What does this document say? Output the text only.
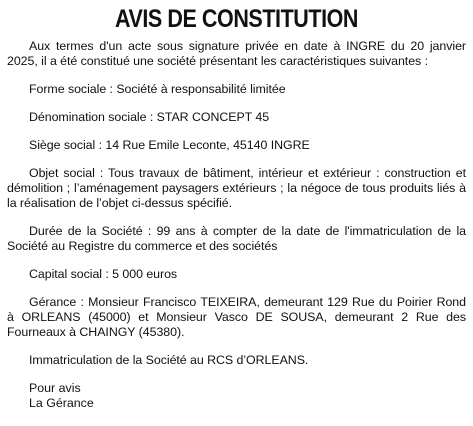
AVIS DE CONSTITUTION

Aux termes d'un acte sous signature privée en date à INGRE du 20 janvier 2025, il a été constitué une société présentant les caractéristiques suivantes :

Forme sociale : Société à responsabilité limitée

Dénomination sociale : STAR CONCEPT 45

Siège social : 14 Rue Emile Leconte, 45140 INGRE

Objet social : Tous travaux de bâtiment, intérieur et extérieur : construction et démolition ; l’aménagement paysagers extérieurs ; la négoce de tous produits liés à la réalisation de l’objet ci-dessus spécifié.

Durée de la Société : 99 ans à compter de la date de l'immatriculation de la Société au Registre du commerce et des sociétés

Capital social : 5 000 euros

Gérance : Monsieur Francisco TEIXEIRA, demeurant 129 Rue du Poirier Rond à ORLEANS (45000) et Monsieur Vasco DE SOUSA, demeurant 2 Rue des Fourneaux à CHAINGY (45380).

Immatriculation de la Société au RCS d’ORLEANS.

Pour avis
La Gérance
